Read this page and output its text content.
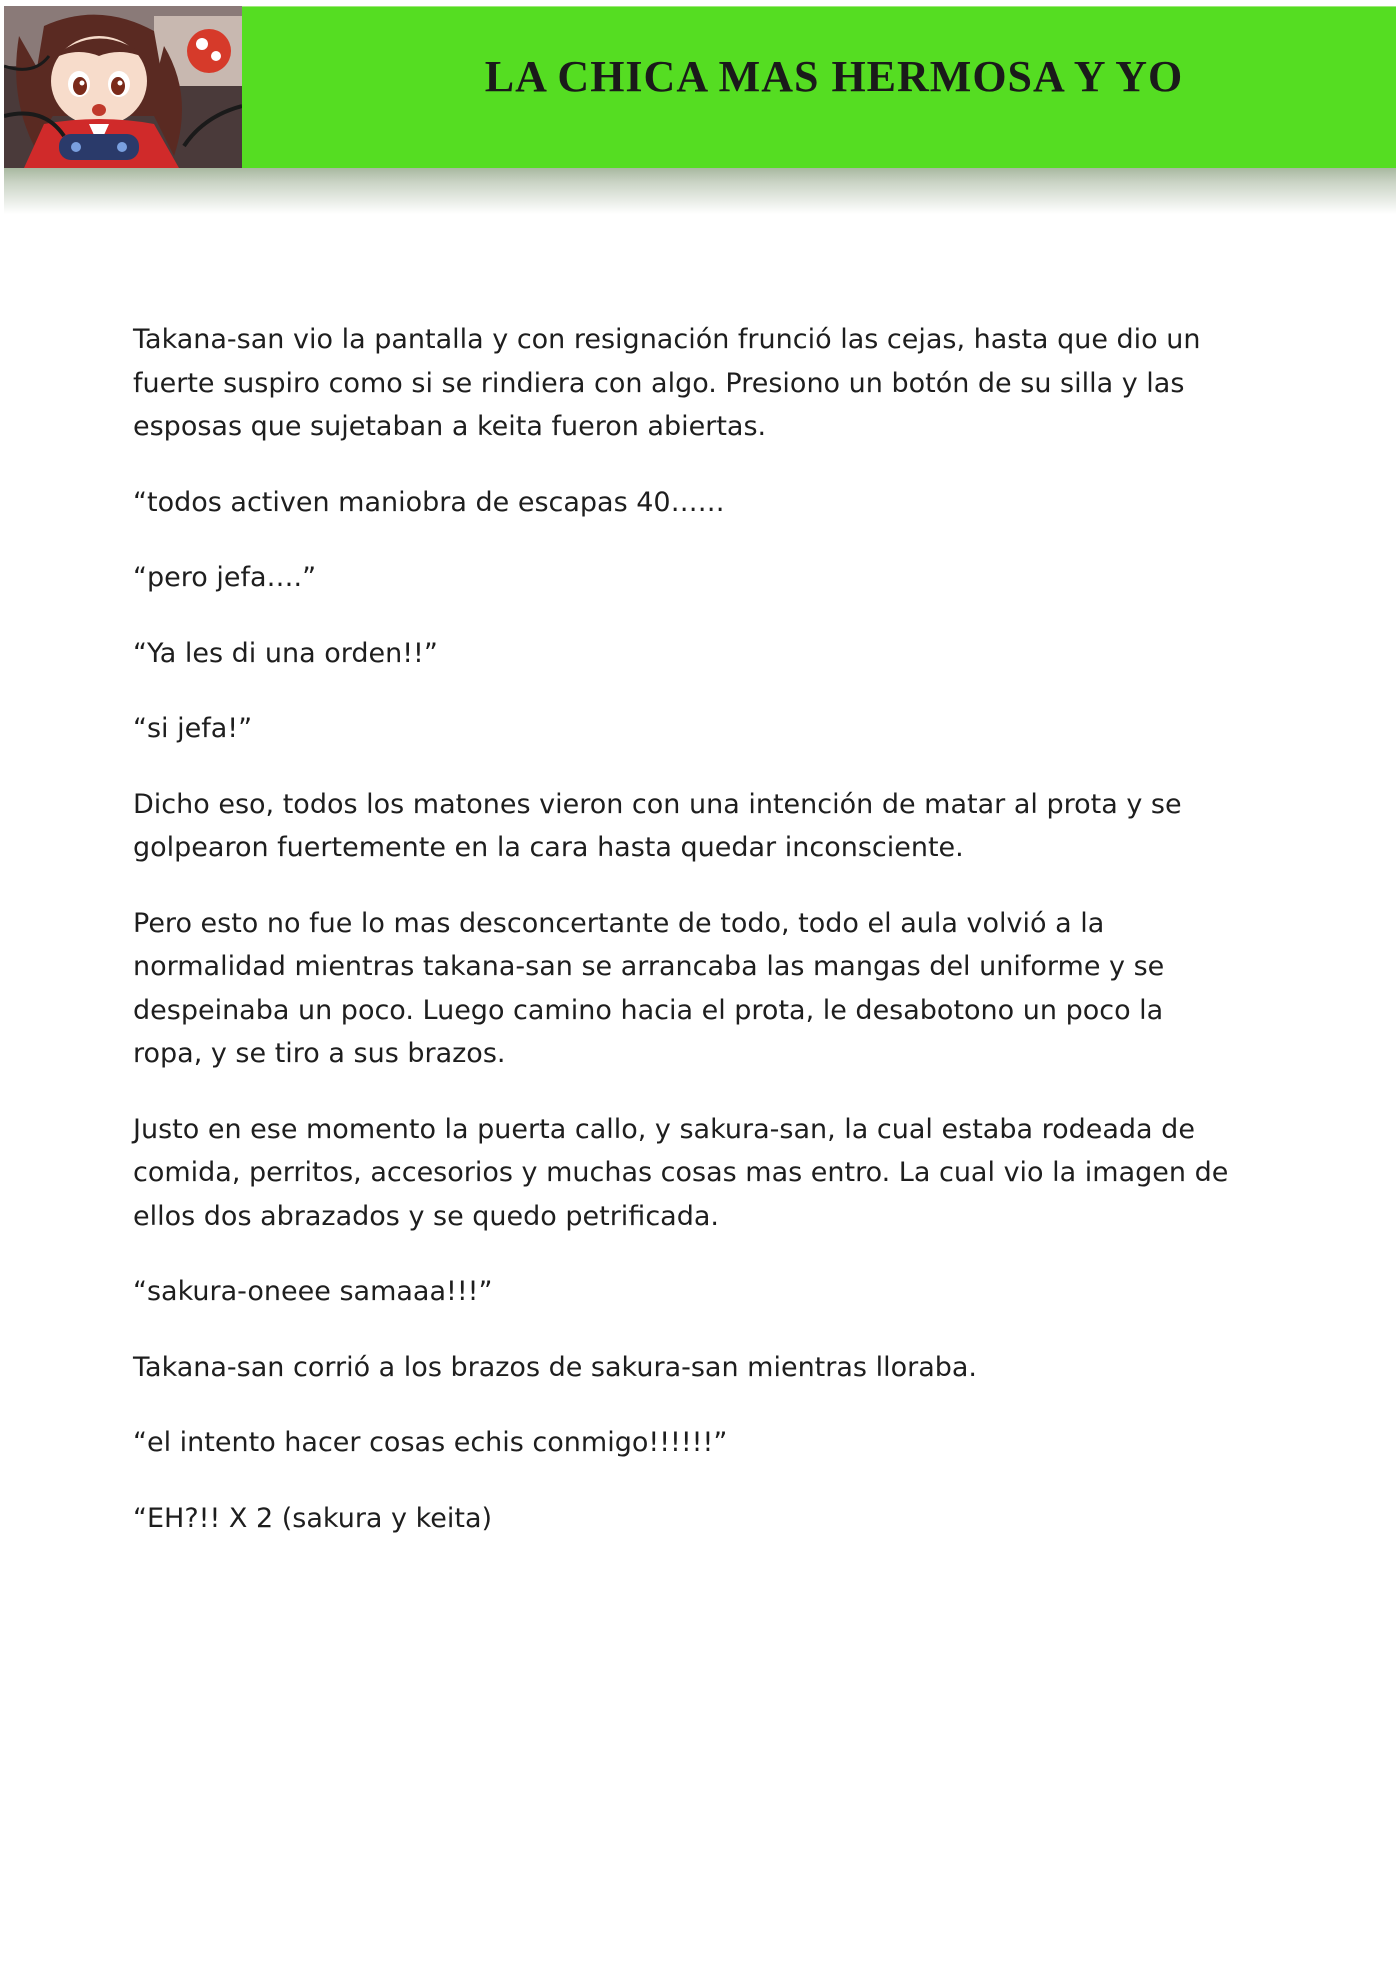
LA CHICA MAS HERMOSA Y YO

Takana-san vio la pantalla y con resignación frunció las cejas, hasta que dio un
fuerte suspiro como si se rindiera con algo. Presiono un botón de su silla y las
esposas que sujetaban a keita fueron abiertas.

“todos activen maniobra de escapas 40……

“pero jefa….”

“Ya les di una orden!!”

“si jefa!”

Dicho eso, todos los matones vieron con una intención de matar al prota y se
golpearon fuertemente en la cara hasta quedar inconsciente.

Pero esto no fue lo mas desconcertante de todo, todo el aula volvió a la
normalidad mientras takana-san se arrancaba las mangas del uniforme y se
despeinaba un poco. Luego camino hacia el prota, le desabotono un poco la
ropa, y se tiro a sus brazos.

Justo en ese momento la puerta callo, y sakura-san, la cual estaba rodeada de
comida, perritos, accesorios y muchas cosas mas entro. La cual vio la imagen de
ellos dos abrazados y se quedo petrificada.

“sakura-oneee samaaa!!!”

Takana-san corrió a los brazos de sakura-san mientras lloraba.

“el intento hacer cosas echis conmigo!!!!!!”

“EH?!! X 2 (sakura y keita)
